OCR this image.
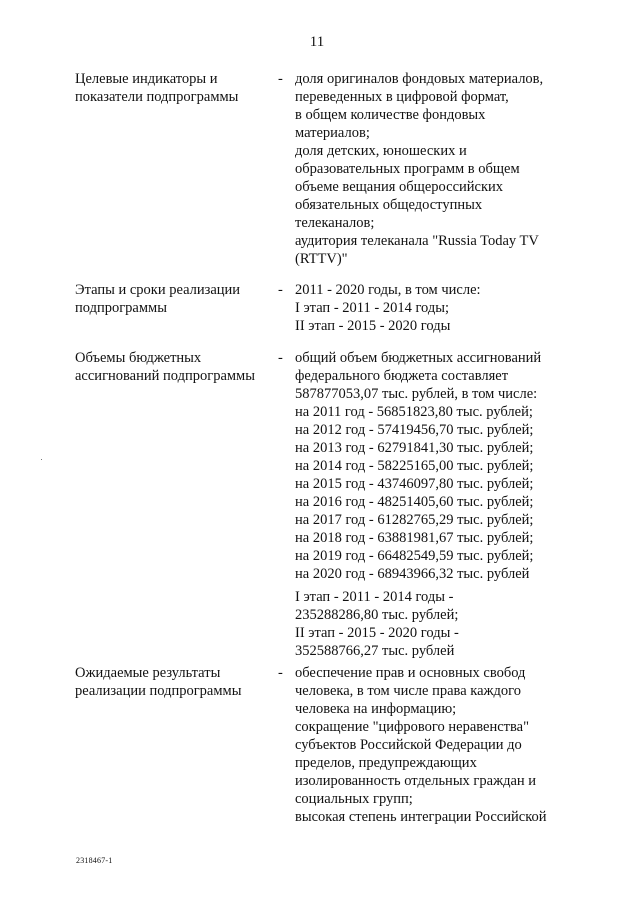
11
Целевые индикаторы и
показатели подпрограммы
- доля оригиналов фондовых материалов,
переведенных в цифровой формат,
в общем количестве фондовых
материалов;
доля детских, юношеских и
образовательных программ в общем
объеме вещания общероссийских
обязательных общедоступных
телеканалов;
аудитория телеканала "Russia Today TV
(RTTV)"
Этапы и сроки реализации
подпрограммы
- 2011 - 2020 годы, в том числе:
I этап - 2011 - 2014 годы;
II этап - 2015 - 2020 годы
Объемы бюджетных
ассигнований подпрограммы
- общий объем бюджетных ассигнований
федерального бюджета составляет
587877053,07 тыс. рублей, в том числе:
на 2011 год - 56851823,80 тыс. рублей;
на 2012 год - 57419456,70 тыс. рублей;
на 2013 год - 62791841,30 тыс. рублей;
на 2014 год - 58225165,00 тыс. рублей;
на 2015 год - 43746097,80 тыс. рублей;
на 2016 год - 48251405,60 тыс. рублей;
на 2017 год - 61282765,29 тыс. рублей;
на 2018 год - 63881981,67 тыс. рублей;
на 2019 год - 66482549,59 тыс. рублей;
на 2020 год - 68943966,32 тыс. рублей
I этап - 2011 - 2014 годы -
235288286,80 тыс. рублей;
II этап - 2015 - 2020 годы -
352588766,27 тыс. рублей
Ожидаемые результаты
реализации подпрограммы
- обеспечение прав и основных свобод
человека, в том числе права каждого
человека на информацию;
сокращение "цифрового неравенства"
субъектов Российской Федерации до
пределов, предупреждающих
изолированность отдельных граждан и
социальных групп;
высокая степень интеграции Российской
2318467-1
